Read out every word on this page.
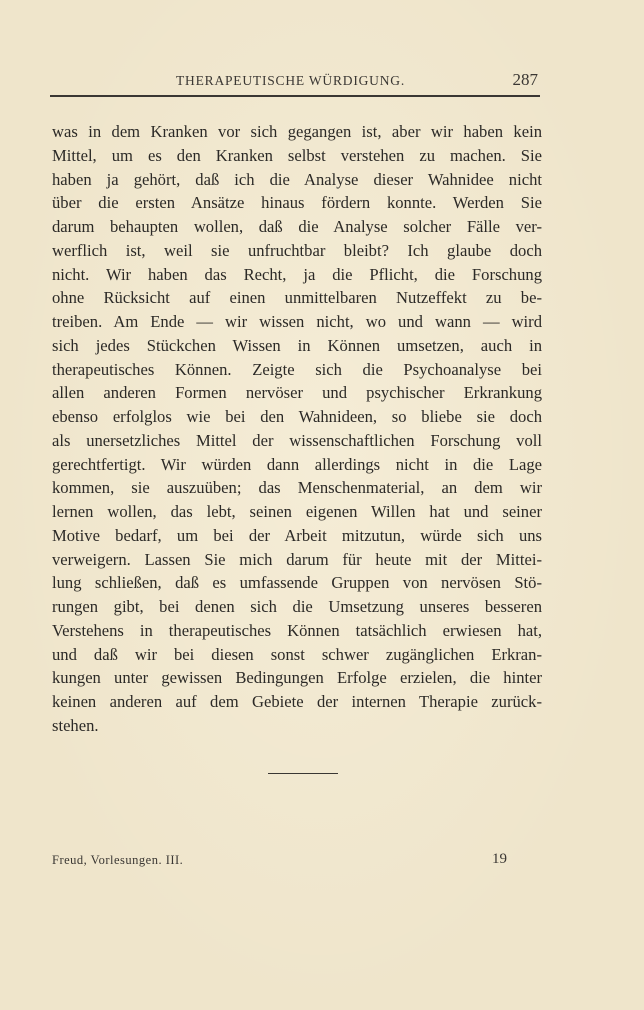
THERAPEUTISCHE WÜRDIGUNG.	287
was in dem Kranken vor sich gegangen ist, aber wir haben kein
Mittel, um es den Kranken selbst verstehen zu machen. Sie
haben ja gehört, daß ich die Analyse dieser Wahnidee nicht
über die ersten Ansätze hinaus fördern konnte. Werden Sie
darum behaupten wollen, daß die Analyse solcher Fälle ver-
werflich ist, weil sie unfruchtbar bleibt? Ich glaube doch
nicht. Wir haben das Recht, ja die Pflicht, die Forschung
ohne Rücksicht auf einen unmittelbaren Nutzeffekt zu be-
treiben. Am Ende — wir wissen nicht, wo und wann — wird
sich jedes Stückchen Wissen in Können umsetzen, auch in
therapeutisches Können. Zeigte sich die Psychoanalyse bei
allen anderen Formen nervöser und psychischer Erkrankung
ebenso erfolglos wie bei den Wahnideen, so bliebe sie doch
als unersetzliches Mittel der wissenschaftlichen Forschung voll
gerechtfertigt. Wir würden dann allerdings nicht in die Lage
kommen, sie auszuüben; das Menschenmaterial, an dem wir
lernen wollen, das lebt, seinen eigenen Willen hat und seiner
Motive bedarf, um bei der Arbeit mitzutun, würde sich uns
verweigern. Lassen Sie mich darum für heute mit der Mittei-
lung schließen, daß es umfassende Gruppen von nervösen Stö-
rungen gibt, bei denen sich die Umsetzung unseres besseren
Verstehens in therapeutisches Können tatsächlich erwiesen hat,
und daß wir bei diesen sonst schwer zugänglichen Erkran-
kungen unter gewissen Bedingungen Erfolge erzielen, die hinter
keinen anderen auf dem Gebiete der internen Therapie zurück-
stehen.
Freud, Vorlesungen. III.	19
